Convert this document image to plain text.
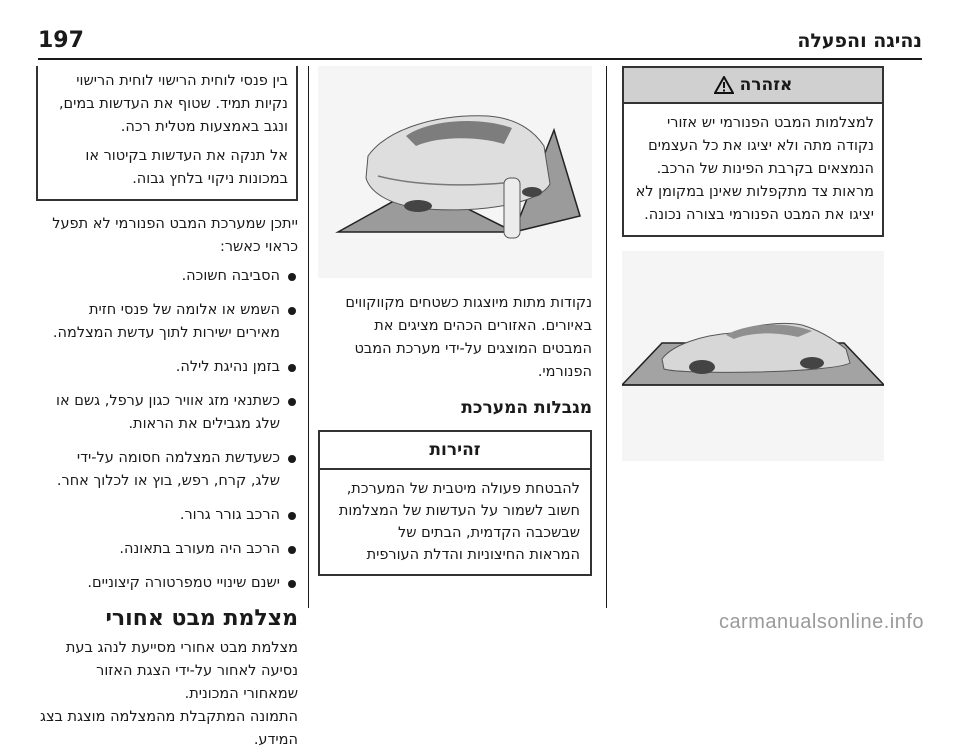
197	נהיגה והפעלה
אזהרה
למצלמות המבט הפנורמי יש אזורי
נקודה מתה ולא יציגו את כל העצמים
הנמצאים בקרבת הפינות של הרכב.
מראות צד מתקפלות שאינן במקומן לא
יציגו את המבט הפנורמי בצורה נכונה.

נקודות מתות מיוצגות כשטחים מקווקווים

באיורים. האזורים הכהים מציגים את

המבטים המוצגים על-ידי מערכת המבט

הפנורמי.

מגבלות המערכת
זהירות
להבטחת פעולה מיטבית של המערכת,
חשוב לשמור על העדשות של המצלמות
שבשכבה הקדמית, הבתים של
המראות החיצוניות והדלת העורפית
בין פנסי לוחית הרישוי לוחית הרישוי
נקיות תמיד. שטוף את העדשות במים,
ונגב באמצעות מטלית רכה.
אל תנקה את העדשות בקיטור או
במכונות ניקוי בלחץ גבוה.

ייתכן שמערכת המבט הפנורמי לא תפעל

כראוי כאשר:

הסביבה חשוכה.
השמש או אלומה של פנסי חזית
מאירים ישירות לתוך עדשת המצלמה.
בזמן נהיגת לילה.
כשתנאי מזג אוויר כגון ערפל, גשם או
שלג מגבילים את הראות.
כשעדשת המצלמה חסומה על-ידי
שלג, קרח, רפש, בוץ או לכלוך אחר.
הרכב גורר גרור.
הרכב היה מעורב בתאונה.
ישנם שינויי טמפרטורה קיצוניים.
מצלמת מבט אחורי

מצלמת מבט אחורי מסייעת לנהג בעת

נסיעה לאחור על-ידי הצגת האזור

שמאחורי המכונית.

התמונה המתקבלת מהמצלמה מוצגת בצג

המידע.

carmanualsonline.info
